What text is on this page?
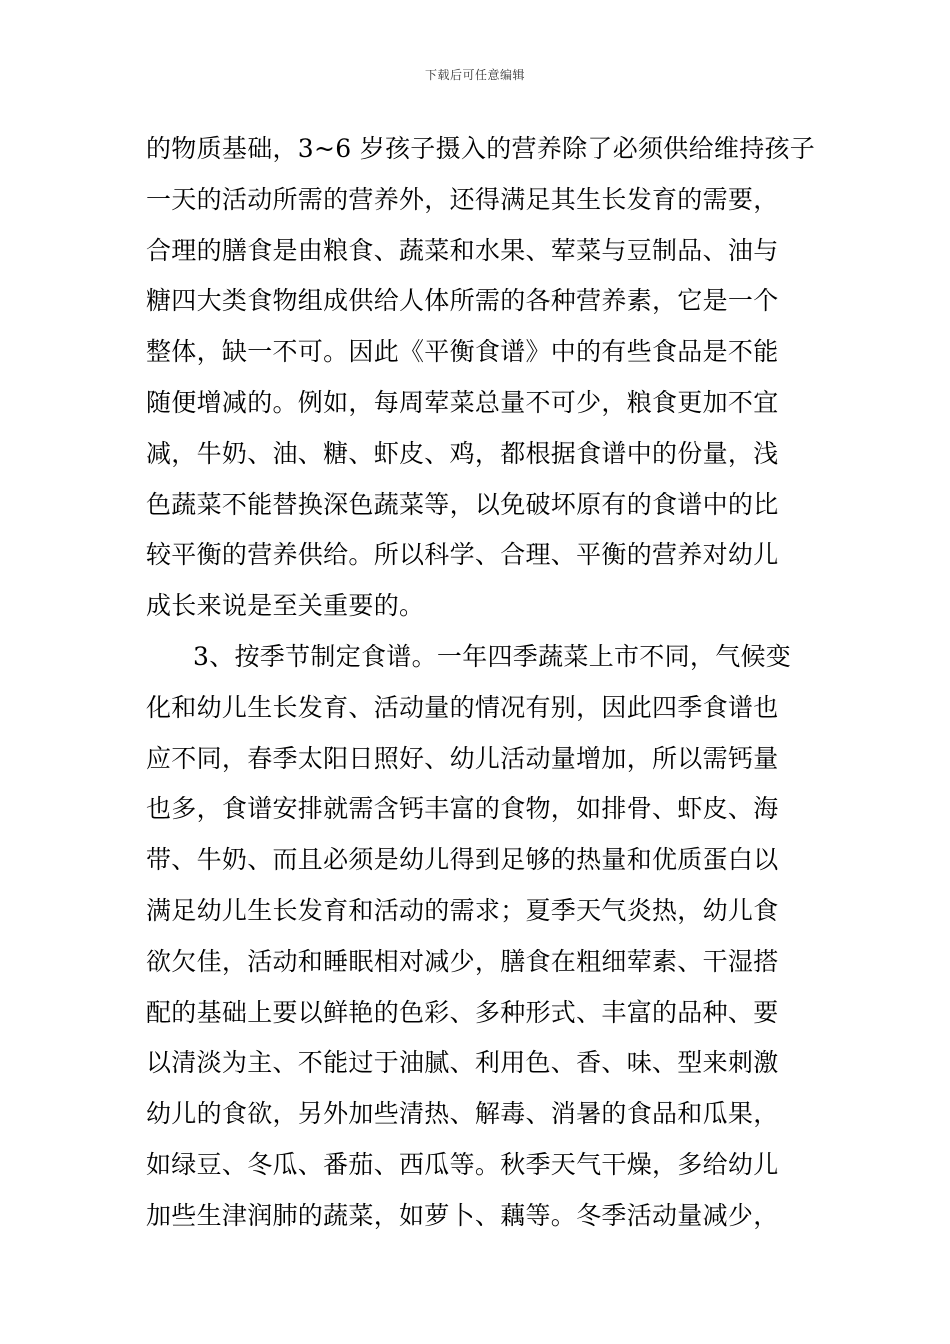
下载后可任意编辑
的物质基础，3~6 岁孩子摄入的营养除了必须供给维持孩子
一天的活动所需的营养外，还得满足其生长发育的需要，
合理的膳食是由粮食、蔬菜和水果、荤菜与豆制品、油与
糖四大类食物组成供给人体所需的各种营养素，它是一个
整体，缺一不可。因此《平衡食谱》中的有些食品是不能
随便增减的。例如，每周荤菜总量不可少，粮食更加不宜
减，牛奶、油、糖、虾皮、鸡，都根据食谱中的份量，浅
色蔬菜不能替换深色蔬菜等，以免破坏原有的食谱中的比
较平衡的营养供给。所以科学、合理、平衡的营养对幼儿
成长来说是至关重要的。
3、按季节制定食谱。一年四季蔬菜上市不同，气候变
化和幼儿生长发育、活动量的情况有别，因此四季食谱也
应不同，春季太阳日照好、幼儿活动量增加，所以需钙量
也多，食谱安排就需含钙丰富的食物，如排骨、虾皮、海
带、牛奶、而且必须是幼儿得到足够的热量和优质蛋白以
满足幼儿生长发育和活动的需求；夏季天气炎热，幼儿食
欲欠佳，活动和睡眠相对减少，膳食在粗细荤素、干湿搭
配的基础上要以鲜艳的色彩、多种形式、丰富的品种、要
以清淡为主、不能过于油腻、利用色、香、味、型来刺激
幼儿的食欲，另外加些清热、解毒、消暑的食品和瓜果，
如绿豆、冬瓜、番茄、西瓜等。秋季天气干燥，多给幼儿
加些生津润肺的蔬菜，如萝卜、藕等。冬季活动量减少，
